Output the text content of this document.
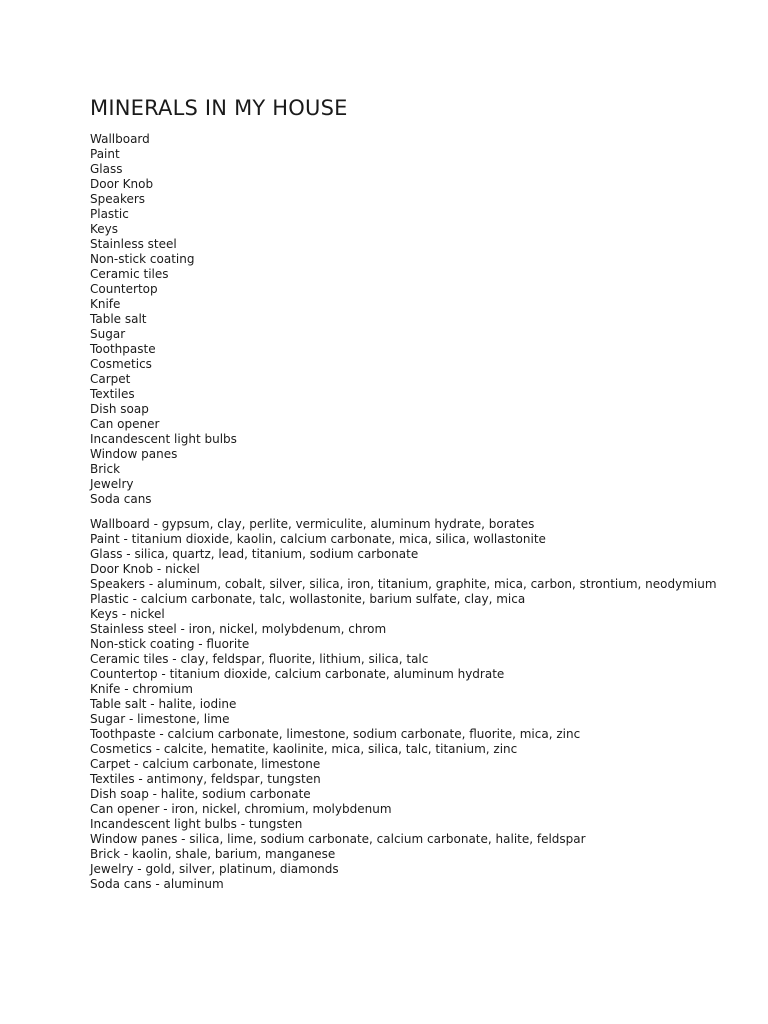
MINERALS IN MY HOUSE
Wallboard
Paint
Glass
Door Knob
Speakers
Plastic
Keys
Stainless steel
Non-stick coating
Ceramic tiles
Countertop
Knife
Table salt
Sugar
Toothpaste
Cosmetics
Carpet
Textiles
Dish soap
Can opener
Incandescent light bulbs
Window panes
Brick
Jewelry
Soda cans
Wallboard - gypsum, clay, perlite, vermiculite, aluminum hydrate, borates
Paint - titanium dioxide, kaolin, calcium carbonate, mica, silica, wollastonite
Glass - silica, quartz, lead, titanium, sodium carbonate
Door Knob - nickel
Speakers - aluminum, cobalt, silver, silica, iron, titanium, graphite, mica, carbon, strontium, neodymium
Plastic - calcium carbonate, talc, wollastonite, barium sulfate, clay, mica
Keys - nickel
Stainless steel - iron, nickel, molybdenum, chrom
Non-stick coating - fluorite
Ceramic tiles - clay, feldspar, fluorite, lithium, silica, talc
Countertop - titanium dioxide, calcium carbonate, aluminum hydrate
Knife - chromium
Table salt - halite, iodine
Sugar - limestone, lime
Toothpaste - calcium carbonate, limestone, sodium carbonate, fluorite, mica, zinc
Cosmetics - calcite, hematite, kaolinite, mica, silica, talc, titanium, zinc
Carpet - calcium carbonate, limestone
Textiles - antimony, feldspar, tungsten
Dish soap - halite, sodium carbonate
Can opener - iron, nickel, chromium, molybdenum
Incandescent light bulbs - tungsten
Window panes - silica, lime, sodium carbonate, calcium carbonate, halite, feldspar
Brick - kaolin, shale, barium, manganese
Jewelry - gold, silver, platinum, diamonds
Soda cans - aluminum
